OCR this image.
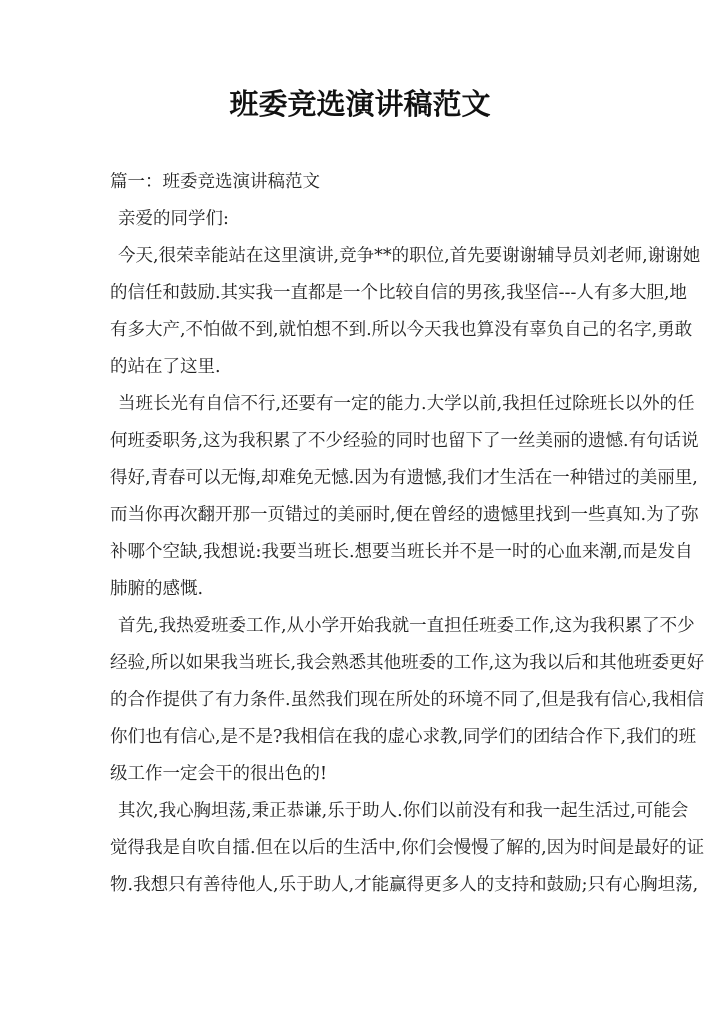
班委竞选演讲稿范文
篇一：班委竞选演讲稿范文
亲爱的同学们:
今天,很荣幸能站在这里演讲,竞争**的职位,首先要谢谢辅导员刘老师,谢谢她
的信任和鼓励.其实我一直都是一个比较自信的男孩,我坚信---人有多大胆,地
有多大产,不怕做不到,就怕想不到.所以今天我也算没有辜负自己的名字,勇敢
的站在了这里.
当班长光有自信不行,还要有一定的能力.大学以前,我担任过除班长以外的任
何班委职务,这为我积累了不少经验的同时也留下了一丝美丽的遗憾.有句话说
得好,青春可以无悔,却难免无憾.因为有遗憾,我们才生活在一种错过的美丽里,
而当你再次翻开那一页错过的美丽时,便在曾经的遗憾里找到一些真知.为了弥
补哪个空缺,我想说:我要当班长.想要当班长并不是一时的心血来潮,而是发自
肺腑的感慨.
首先,我热爱班委工作,从小学开始我就一直担任班委工作,这为我积累了不少
经验,所以如果我当班长,我会熟悉其他班委的工作,这为我以后和其他班委更好
的合作提供了有力条件.虽然我们现在所处的环境不同了,但是我有信心,我相信
你们也有信心,是不是?我相信在我的虚心求教,同学们的团结合作下,我们的班
级工作一定会干的很出色的!
其次,我心胸坦荡,秉正恭谦,乐于助人.你们以前没有和我一起生活过,可能会
觉得我是自吹自擂.但在以后的生活中,你们会慢慢了解的,因为时间是最好的证
物.我想只有善待他人,乐于助人,才能赢得更多人的支持和鼓励;只有心胸坦荡,
